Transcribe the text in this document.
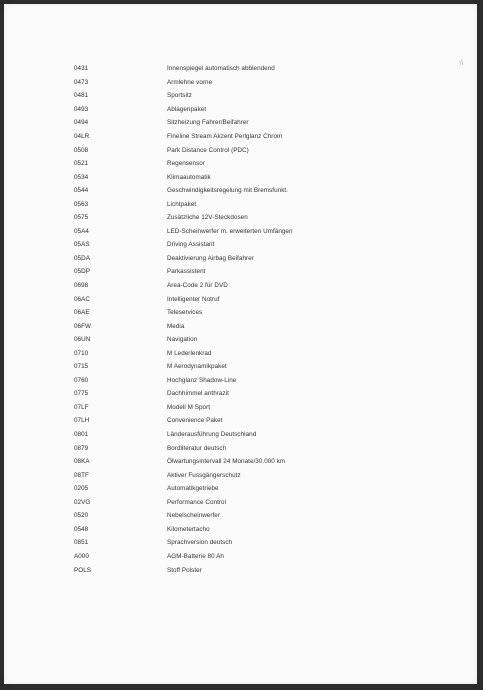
ıl
0431	Innenspiegel automatisch abblendend
0473	Armlehne vorne
0481	Sportsitz
0493	Ablagenpaket
0494	Sitzheizung Fahrer/Beifahrer
04LR	Fineline Stream Akzent Perlglanz Chrom
0508	Park Distance Control (PDC)
0521	Regensensor
0534	Klimaautomatik
0544	Geschwindigkeitsregelung mit Bremsfunkt.
0563	Lichtpaket
0575	Zusätzliche 12V-Steckdosen
05A4	LED-Scheinwerfer m. erweiterten Umfängen
05AS	Driving Assistant
05DA	Deaktivierung Airbag Beifahrer
05DP	Parkassistent
0698	Area-Code 2 für DVD
06AC	Intelligenter Notruf
06AE	Teleservices
06FW	Media
06UN	Navigation
0710	M Lederlenkrad
0715	M Aerodynamikpaket
0760	Hochglanz Shadow-Line
0775	Dachhimmel anthrazit
07LF	Modell M Sport
07LH	Convenience Paket
0801	Länderausführung Deutschland
0879	Bordliteratur deutsch
08KA	Ölwartungsintervall 24 Monate/30.000 km
08TF	Aktiver Fussgängerschutz
0205	Automatikgetriebe
02VG	Performance Control
0520	Nebelscheinwerfer
0548	Kilometertacho
0851	Sprachversion deutsch
A000	AGM-Batterie 80 Ah
POLS	Stoff Polster
